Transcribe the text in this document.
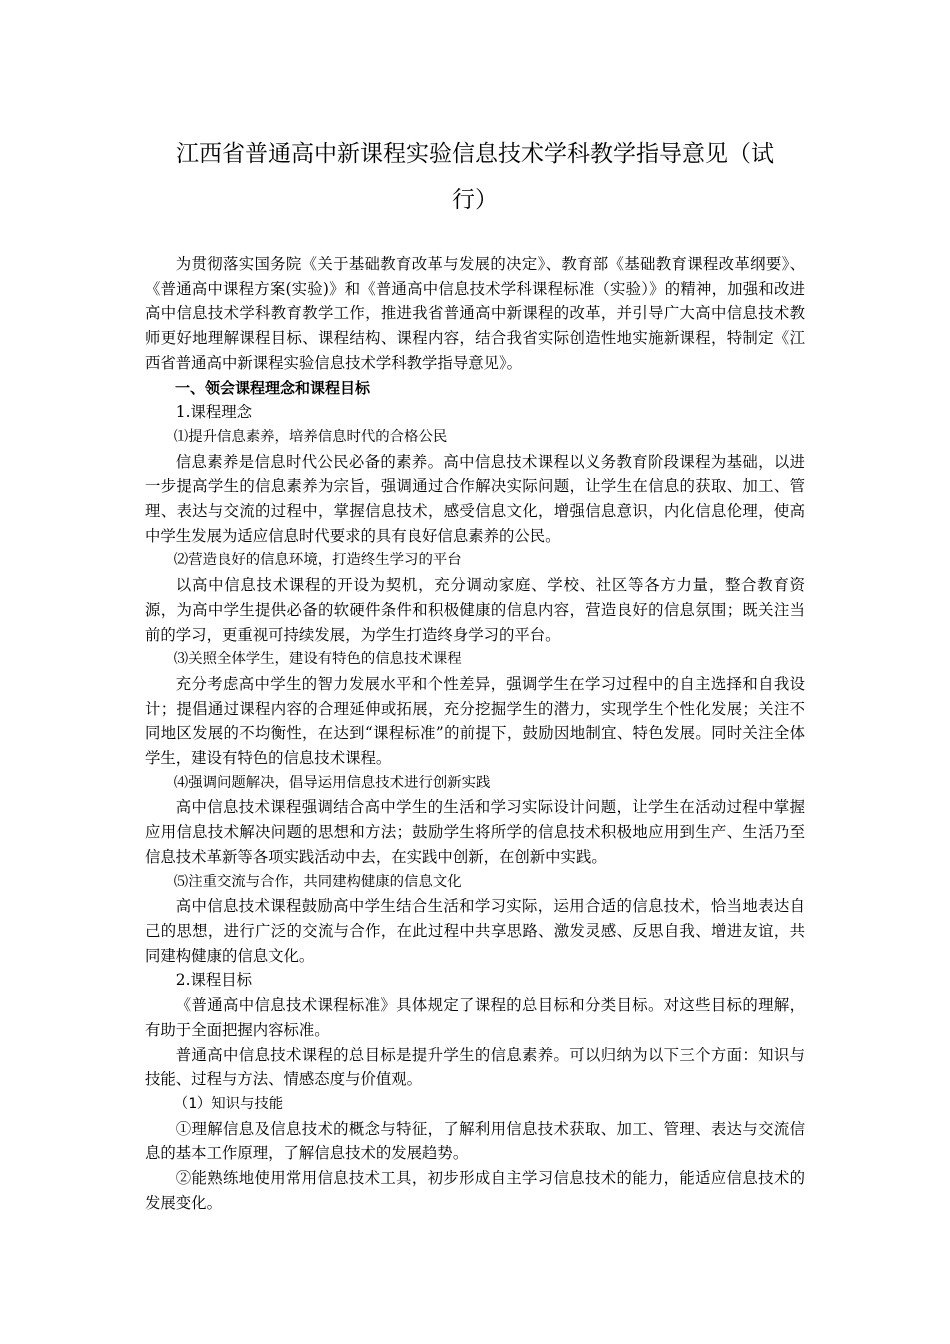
江西省普通高中新课程实验信息技术学科教学指导意见（试
行）

为贯彻落实国务院《关于基础教育改革与发展的决定》、教育部《基础教育课程改革纲要》、《普通高中课程方案(实验)》和《普通高中信息技术学科课程标准（实验）》的精神，加强和改进高中信息技术学科教育教学工作，推进我省普通高中新课程的改革，并引导广大高中信息技术教师更好地理解课程目标、课程结构、课程内容，结合我省实际创造性地实施新课程，特制定《江西省普通高中新课程实验信息技术学科教学指导意见》。

一、领会课程理念和课程目标

1.课程理念

⑴提升信息素养，培养信息时代的合格公民

信息素养是信息时代公民必备的素养。高中信息技术课程以义务教育阶段课程为基础，以进一步提高学生的信息素养为宗旨，强调通过合作解决实际问题，让学生在信息的获取、加工、管理、表达与交流的过程中，掌握信息技术，感受信息文化，增强信息意识，内化信息伦理，使高中学生发展为适应信息时代要求的具有良好信息素养的公民。

⑵营造良好的信息环境，打造终生学习的平台

以高中信息技术课程的开设为契机，充分调动家庭、学校、社区等各方力量，整合教育资源，为高中学生提供必备的软硬件条件和积极健康的信息内容，营造良好的信息氛围；既关注当前的学习，更重视可持续发展，为学生打造终身学习的平台。

⑶关照全体学生，建设有特色的信息技术课程

充分考虑高中学生的智力发展水平和个性差异，强调学生在学习过程中的自主选择和自我设计；提倡通过课程内容的合理延伸或拓展，充分挖掘学生的潜力，实现学生个性化发展；关注不同地区发展的不均衡性，在达到“课程标准”的前提下，鼓励因地制宜、特色发展。同时关注全体学生，建设有特色的信息技术课程。

⑷强调问题解决，倡导运用信息技术进行创新实践

高中信息技术课程强调结合高中学生的生活和学习实际设计问题，让学生在活动过程中掌握应用信息技术解决问题的思想和方法；鼓励学生将所学的信息技术积极地应用到生产、生活乃至信息技术革新等各项实践活动中去，在实践中创新，在创新中实践。

⑸注重交流与合作，共同建构健康的信息文化

高中信息技术课程鼓励高中学生结合生活和学习实际，运用合适的信息技术，恰当地表达自己的思想，进行广泛的交流与合作，在此过程中共享思路、激发灵感、反思自我、增进友谊，共同建构健康的信息文化。

2.课程目标

《普通高中信息技术课程标准》具体规定了课程的总目标和分类目标。对这些目标的理解，有助于全面把握内容标准。

普通高中信息技术课程的总目标是提升学生的信息素养。可以归纳为以下三个方面：知识与技能、过程与方法、情感态度与价值观。

（1）知识与技能

①理解信息及信息技术的概念与特征，了解利用信息技术获取、加工、管理、表达与交流信息的基本工作原理，了解信息技术的发展趋势。

②能熟练地使用常用信息技术工具，初步形成自主学习信息技术的能力，能适应信息技术的发展变化。
